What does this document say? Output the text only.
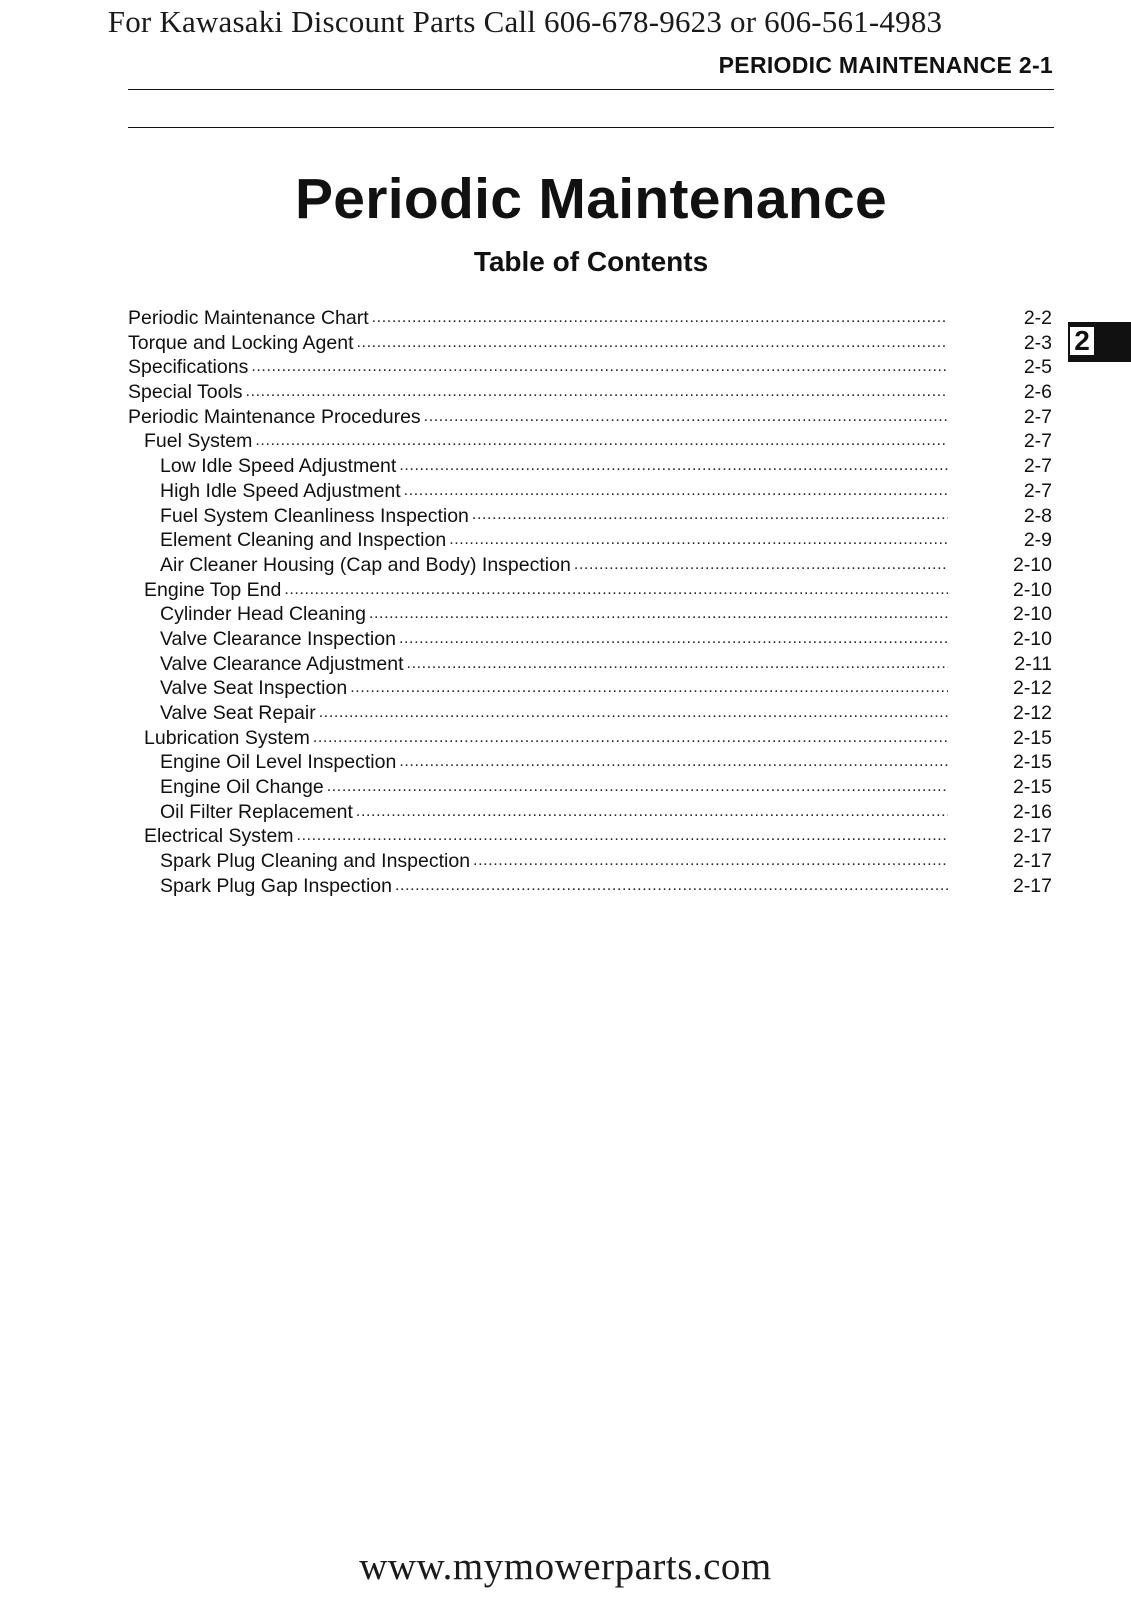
For Kawasaki Discount Parts Call 606-678-9623 or 606-561-4983
PERIODIC MAINTENANCE 2-1
Periodic Maintenance
Table of Contents
Periodic Maintenance Chart .....	2-2
Torque and Locking Agent .....	2-3
Specifications .....	2-5
Special Tools .....	2-6
Periodic Maintenance Procedures .....	2-7
Fuel System .....	2-7
Low Idle Speed Adjustment .....	2-7
High Idle Speed Adjustment .....	2-7
Fuel System Cleanliness Inspection .....	2-8
Element Cleaning and Inspection .....	2-9
Air Cleaner Housing (Cap and Body) Inspection .....	2-10
Engine Top End .....	2-10
Cylinder Head Cleaning .....	2-10
Valve Clearance Inspection .....	2-10
Valve Clearance Adjustment .....	2-11
Valve Seat Inspection .....	2-12
Valve Seat Repair .....	2-12
Lubrication System .....	2-15
Engine Oil Level Inspection .....	2-15
Engine Oil Change .....	2-15
Oil Filter Replacement .....	2-16
Electrical System .....	2-17
Spark Plug Cleaning and Inspection .....	2-17
Spark Plug Gap Inspection .....	2-17
2
www.mymowerparts.com
